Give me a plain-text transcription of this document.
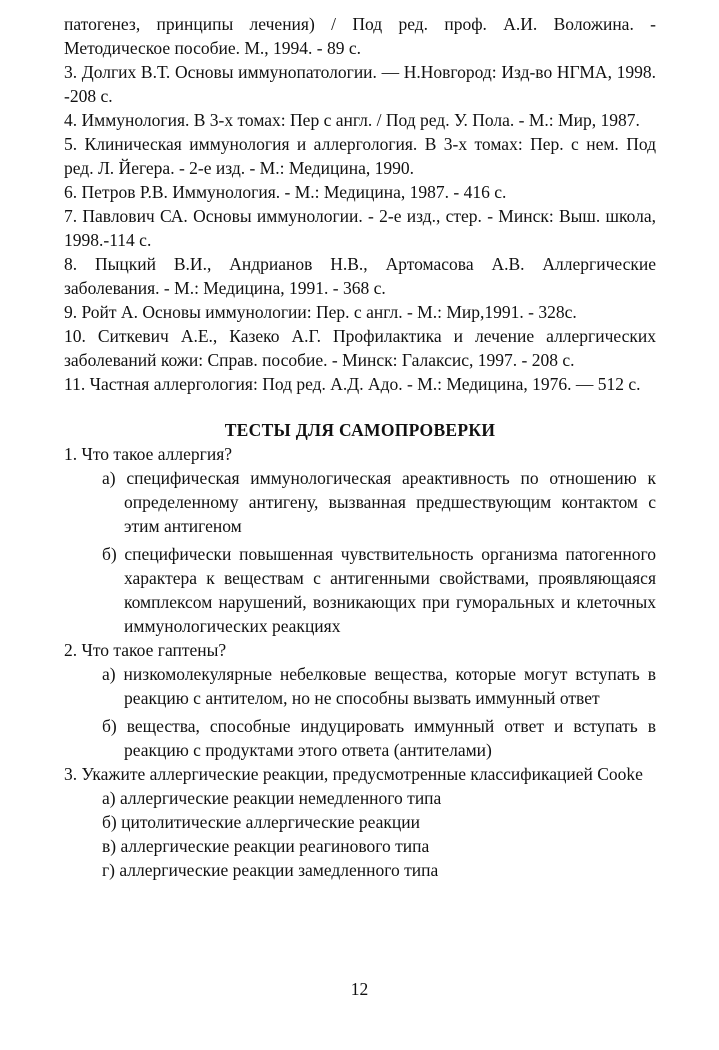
патогенез, принципы лечения) / Под ред. проф. А.И. Воложина. - Методическое пособие. М., 1994. - 89 с.

3. Долгих В.Т. Основы иммунопатологии. — Н.Новгород: Изд-во НГМА, 1998. -208 с.

4. Иммунология. В 3-х томах: Пер с англ. / Под ред. У. Пола. - М.: Мир, 1987.

5. Клиническая иммунология и аллергология. В 3-х томах: Пер. с нем. Под ред. Л. Йегера. - 2-е изд. - М.: Медицина, 1990.

6. Петров Р.В. Иммунология. - М.: Медицина, 1987. - 416 с.

7. Павлович СА. Основы иммунологии. - 2-е изд., стер. - Минск: Выш. школа, 1998.-114 с.

8. Пыцкий В.И., Андрианов Н.В., Артомасова А.В. Аллергические заболевания. - М.: Медицина, 1991. - 368 с.

9. Ройт А. Основы иммунологии: Пер. с англ. - М.: Мир,1991. - 328с.

10. Ситкевич А.Е., Казеко А.Г. Профилактика и лечение аллергических заболеваний кожи: Справ. пособие. - Минск: Галаксис, 1997. - 208 с.

11. Частная аллергология: Под ред. А.Д. Адо. - М.: Медицина, 1976. — 512 с.

ТЕСТЫ ДЛЯ САМОПРОВЕРКИ

1. Что такое аллергия?

а) специфическая иммунологическая ареактивность по отношению к определенному антигену, вызванная предшествующим контактом с этим антигеном

б) специфически повышенная чувствительность организма патогенного характера к веществам с антигенными свойствами, проявляющаяся комплексом нарушений, возникающих при гуморальных и клеточных иммунологических реакциях

2. Что такое гаптены?

а) низкомолекулярные небелковые вещества, которые могут вступать в реакцию с антителом, но не способны вызвать иммунный ответ

б) вещества, способные индуцировать иммунный ответ и вступать в реакцию с продуктами этого ответа (антителами)

3. Укажите аллергические реакции, предусмотренные классификацией Cooke

а) аллергические реакции немедленного типа

б) цитолитические аллергические реакции

в) аллергические реакции реагинового типа

г) аллергические реакции замедленного типа

12
